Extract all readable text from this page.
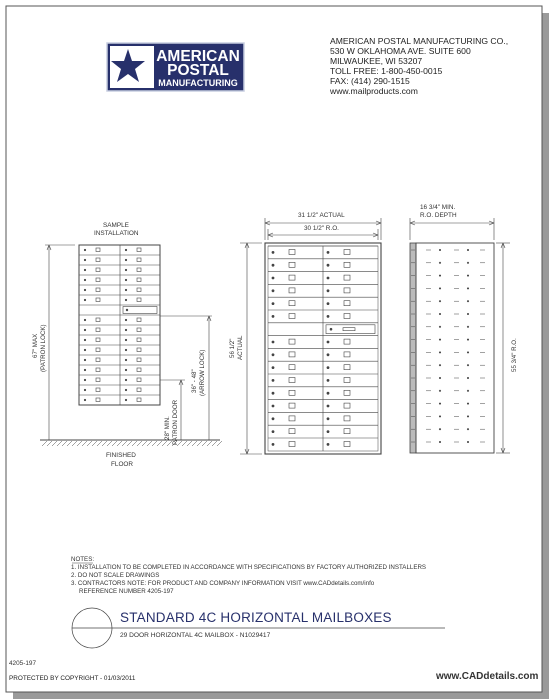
AMERICAN
POSTAL
MANUFACTURING
AMERICAN POSTAL MANUFACTURING CO.,
530 W OKLAHOMA AVE. SUITE 600
MILWAUKEE, WI 53207
TOLL FREE: 1-800-450-0015
FAX: (414) 290-1515
www.mailproducts.com
SAMPLE
INSTALLATION
67" MAX (PATRON LOCK)
36" - 48" (ARROW LOCK)
28" MIN. PATRON DOOR
FINISHED
FLOOR
31 1/2" ACTUAL
30 1/2" R.O.
56 1/2" ACTUAL
16 3/4" MIN.
R.O. DEPTH
55 3/4" R.O.
NOTES:
1. INSTALLATION TO BE COMPLETED IN ACCORDANCE WITH SPECIFICATIONS BY FACTORY AUTHORIZED INSTALLERS
2. DO NOT SCALE DRAWINGS
3. CONTRACTORS NOTE: FOR PRODUCT AND COMPANY INFORMATION VISIT www.CADdetails.com/info
REFERENCE NUMBER 4205-197
STANDARD 4C HORIZONTAL MAILBOXES
29 DOOR HORIZONTAL 4C MAILBOX - N1029417
4205-197
PROTECTED BY COPYRIGHT - 01/03/2011	www.CADdetails.com
